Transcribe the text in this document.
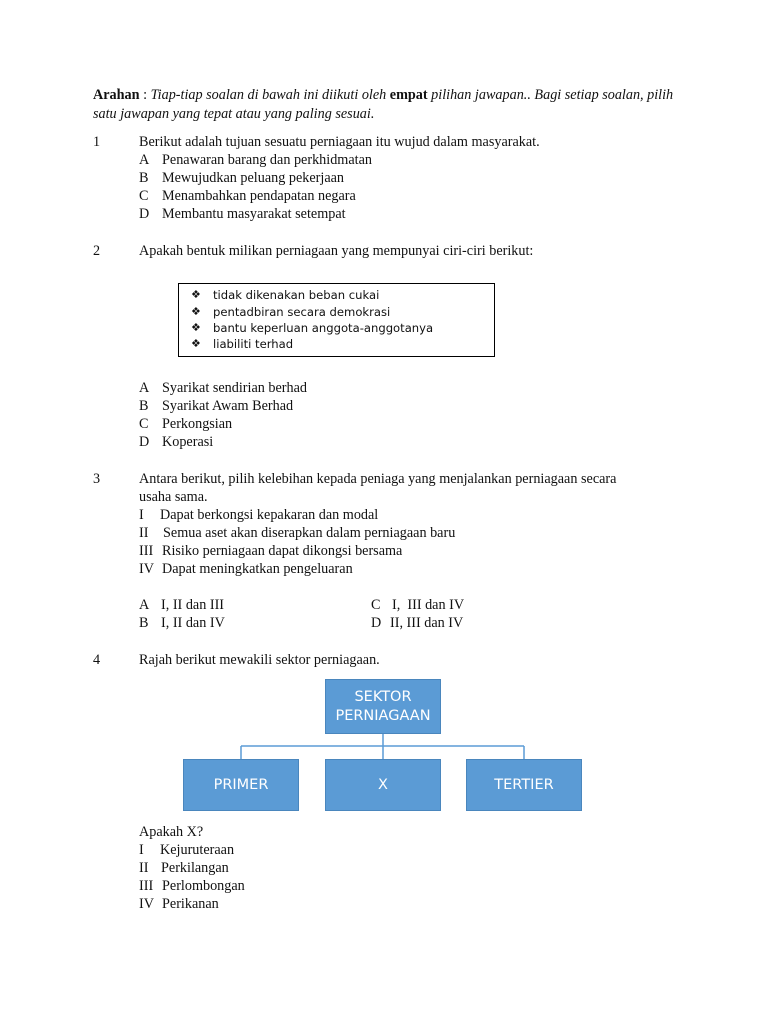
Arahan : Tiap-tiap soalan di bawah ini diikuti oleh empat pilihan jawapan.. Bagi setiap soalan, pilih satu jawapan yang tepat atau yang paling sesuai.
1	Berikut adalah tujuan sesuatu perniagaan itu wujud dalam masyarakat.
A Penawaran barang dan perkhidmatan
B Mewujudkan peluang pekerjaan
C Menambahkan pendapatan negara
D Membantu masyarakat setempat
2	Apakah bentuk milikan perniagaan yang mempunyai ciri-ciri berikut:
❖ tidak dikenakan beban cukai
❖ pentadbiran secara demokrasi
❖ bantu keperluan anggota-anggotanya
❖ liabiliti terhad
A Syarikat sendirian berhad
B Syarikat Awam Berhad
C Perkongsian
D Koperasi
3	Antara berikut, pilih kelebihan kepada peniaga yang menjalankan perniagaan secara
usaha sama.
I Dapat berkongsi kepakaran dan modal
II Semua aset akan diserapkan dalam perniagaan baru
III Risiko perniagaan dapat dikongsi bersama
IV Dapat meningkatkan pengeluaran
A I, II dan III
B I, II dan IV
C I,  III dan IV
D II, III dan IV
4	Rajah berikut mewakili sektor perniagaan.
SEKTOR
PERNIAGAAN
PRIMER	X	TERTIER
Apakah X?
I Kejuruteraan
II Perkilangan
III Perlombongan
IV Perikanan
